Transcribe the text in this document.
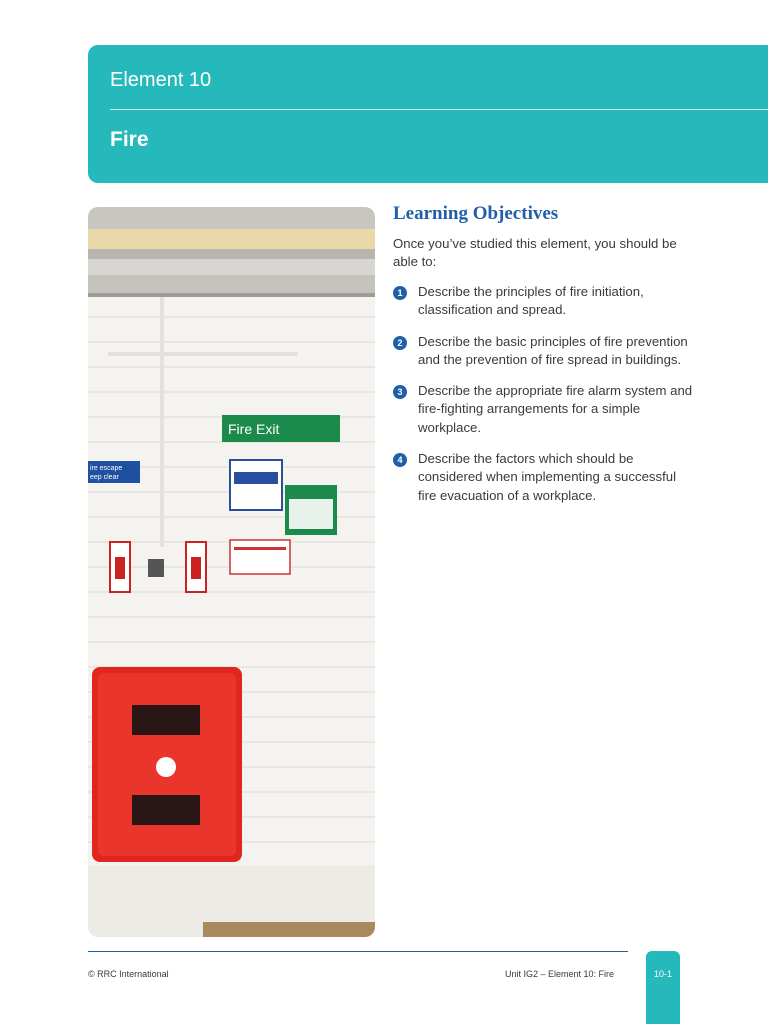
Element 10
Fire
Fire Exit
ire escape
eep clear
Learning Objectives

Once you’ve studied this element, you should be able to:

1	Describe the principles of fire initiation, classification and spread.
2	Describe the basic principles of fire prevention and the prevention of fire spread in buildings.
3	Describe the appropriate fire alarm system and fire-fighting arrangements for a simple workplace.
4	Describe the factors which should be considered when implementing a successful fire evacuation of a workplace.
© RRC International	Unit IG2 – Element 10: Fire	10-1
